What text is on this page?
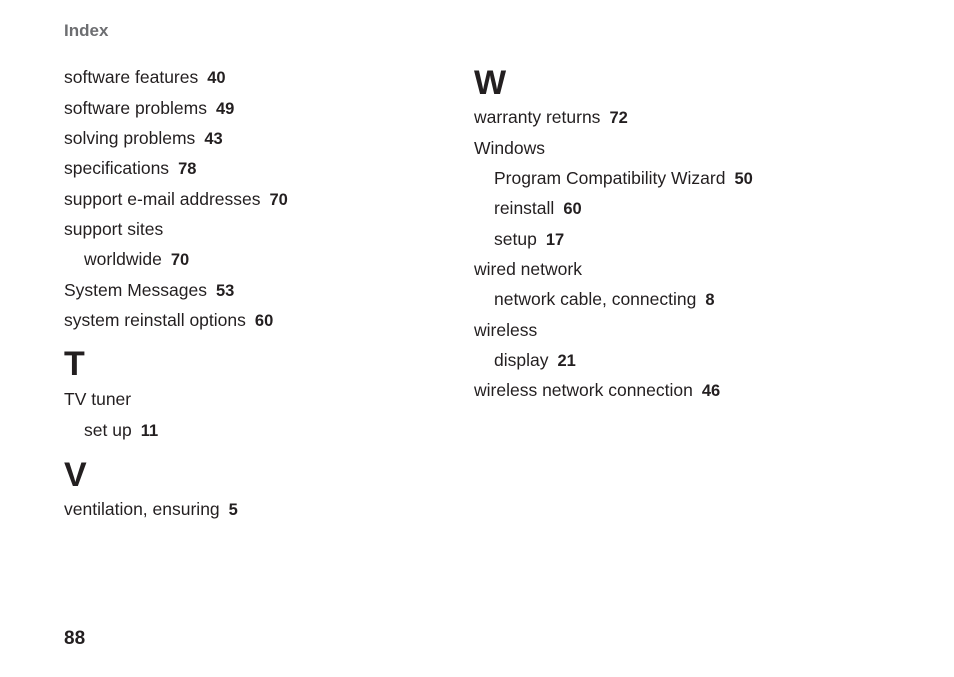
Index
software features 40
software problems 49
solving problems 43
specifications 78
support e-mail addresses 70
support sites
worldwide 70
System Messages 53
system reinstall options 60
T
TV tuner
set up 11
V
ventilation, ensuring 5
W
warranty returns 72
Windows
Program Compatibility Wizard 50
reinstall 60
setup 17
wired network
network cable, connecting 8
wireless
display 21
wireless network connection 46
88
